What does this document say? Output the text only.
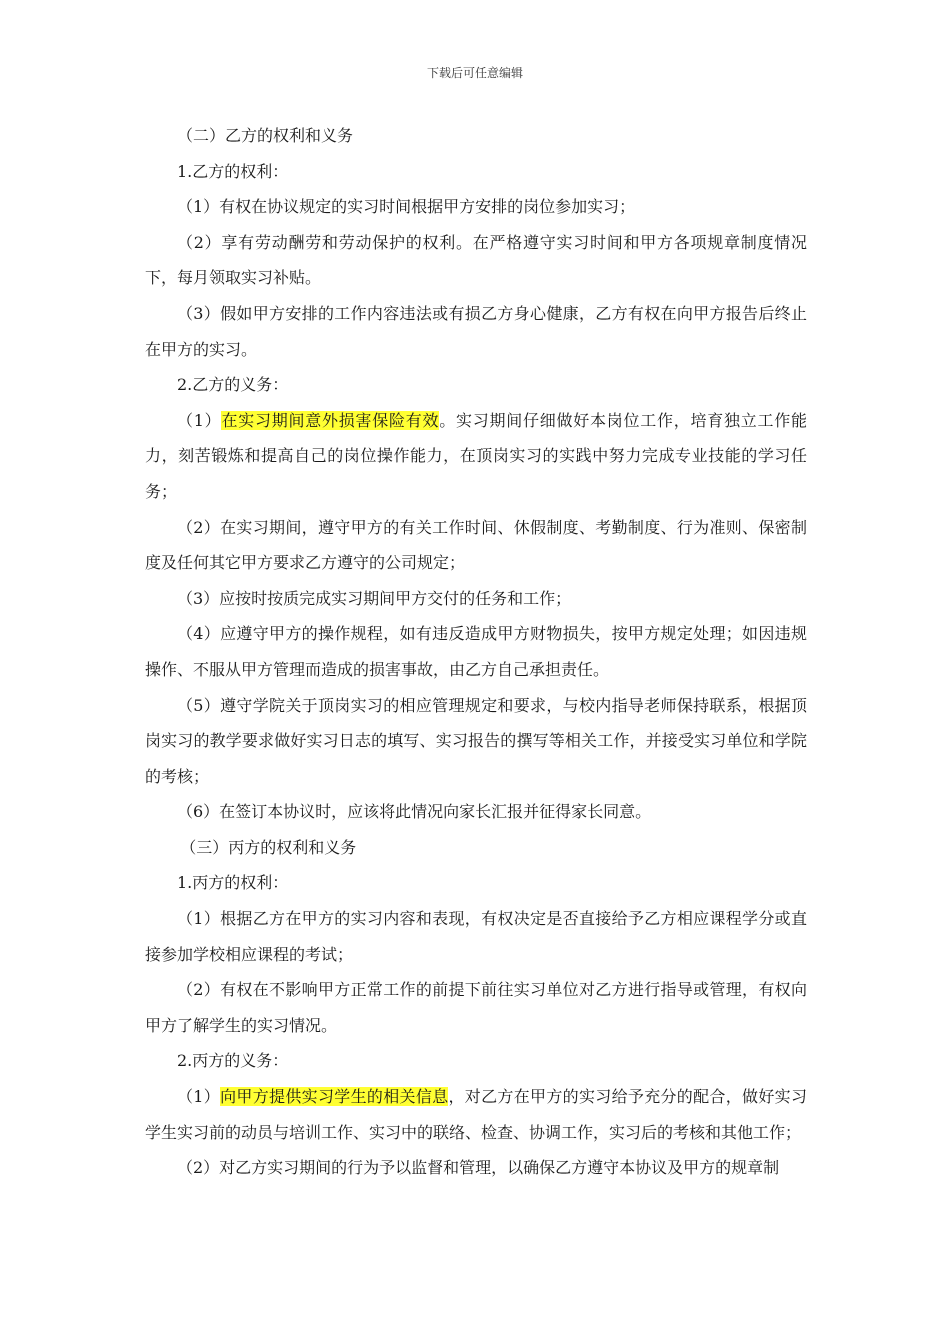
下载后可任意编辑

（二）乙方的权利和义务

1.乙方的权利：

（1）有权在协议规定的实习时间根据甲方安排的岗位参加实习；

（2）享有劳动酬劳和劳动保护的权利。在严格遵守实习时间和甲方各项规章制度情况下，每月领取实习补贴。

（3）假如甲方安排的工作内容违法或有损乙方身心健康，乙方有权在向甲方报告后终止在甲方的实习。

2.乙方的义务：

（1）在实习期间意外损害保险有效。实习期间仔细做好本岗位工作，培育独立工作能力，刻苦锻炼和提高自己的岗位操作能力，在顶岗实习的实践中努力完成专业技能的学习任务；

（2）在实习期间，遵守甲方的有关工作时间、休假制度、考勤制度、行为准则、保密制度及任何其它甲方要求乙方遵守的公司规定；

（3）应按时按质完成实习期间甲方交付的任务和工作；

（4）应遵守甲方的操作规程，如有违反造成甲方财物损失，按甲方规定处理；如因违规操作、不服从甲方管理而造成的损害事故，由乙方自己承担责任。

（5）遵守学院关于顶岗实习的相应管理规定和要求，与校内指导老师保持联系，根据顶岗实习的教学要求做好实习日志的填写、实习报告的撰写等相关工作，并接受实习单位和学院的考核；

（6）在签订本协议时，应该将此情况向家长汇报并征得家长同意。

（三）丙方的权利和义务

1.丙方的权利：

（1）根据乙方在甲方的实习内容和表现，有权决定是否直接给予乙方相应课程学分或直接参加学校相应课程的考试；

（2）有权在不影响甲方正常工作的前提下前往实习单位对乙方进行指导或管理，有权向甲方了解学生的实习情况。

2.丙方的义务：

（1）向甲方提供实习学生的相关信息，对乙方在甲方的实习给予充分的配合，做好实习学生实习前的动员与培训工作、实习中的联络、检查、协调工作，实习后的考核和其他工作；

（2）对乙方实习期间的行为予以监督和管理，以确保乙方遵守本协议及甲方的规章制
